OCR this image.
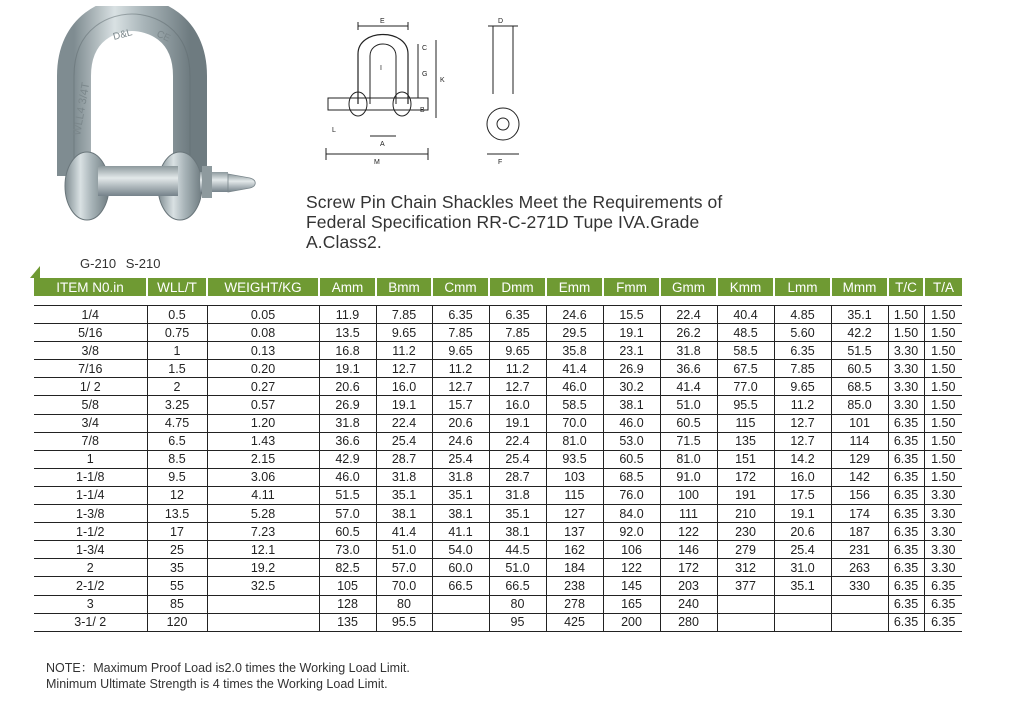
WLL4 3/4T
D&L CE
E
C
G
I
K
L
A
B
M
D
F
Screw Pin Chain Shackles Meet the Requirements of
Federal Specification RR-C-271D Tupe IVA.Grade
A.Class2.
G-210 S-210
ITEM N0.in	WLL/T	WEIGHT/KG	Amm	Bmm	Cmm	Dmm	Emm	Fmm	Gmm	Kmm	Lmm	Mmm	T/C	T/A

1/4	0.5	0.05	11.9	7.85	6.35	6.35	24.6	15.5	22.4	40.4	4.85	35.1	1.50	1.50
5/16	0.75	0.08	13.5	9.65	7.85	7.85	29.5	19.1	26.2	48.5	5.60	42.2	1.50	1.50
3/8	1	0.13	16.8	11.2	9.65	9.65	35.8	23.1	31.8	58.5	6.35	51.5	3.30	1.50
7/16	1.5	0.20	19.1	12.7	11.2	11.2	41.4	26.9	36.6	67.5	7.85	60.5	3.30	1.50
1/ 2	2	0.27	20.6	16.0	12.7	12.7	46.0	30.2	41.4	77.0	9.65	68.5	3.30	1.50
5/8	3.25	0.57	26.9	19.1	15.7	16.0	58.5	38.1	51.0	95.5	11.2	85.0	3.30	1.50
3/4	4.75	1.20	31.8	22.4	20.6	19.1	70.0	46.0	60.5	115	12.7	101	6.35	1.50
7/8	6.5	1.43	36.6	25.4	24.6	22.4	81.0	53.0	71.5	135	12.7	114	6.35	1.50
1	8.5	2.15	42.9	28.7	25.4	25.4	93.5	60.5	81.0	151	14.2	129	6.35	1.50
1-1/8	9.5	3.06	46.0	31.8	31.8	28.7	103	68.5	91.0	172	16.0	142	6.35	1.50
1-1/4	12	4.11	51.5	35.1	35.1	31.8	115	76.0	100	191	17.5	156	6.35	3.30
1-3/8	13.5	5.28	57.0	38.1	38.1	35.1	127	84.0	111	210	19.1	174	6.35	3.30
1-1/2	17	7.23	60.5	41.4	41.1	38.1	137	92.0	122	230	20.6	187	6.35	3.30
1-3/4	25	12.1	73.0	51.0	54.0	44.5	162	106	146	279	25.4	231	6.35	3.30
2	35	19.2	82.5	57.0	60.0	51.0	184	122	172	312	31.0	263	6.35	3.30
2-1/2	55	32.5	105	70.0	66.5	66.5	238	145	203	377	35.1	330	6.35	6.35
3	85		128	80		80	278	165	240				6.35	6.35
3-1/ 2	120		135	95.5		95	425	200	280				6.35	6.35
NOTE：Maximum Proof Load is2.0 times the Working Load Limit.
Minimum Ultimate Strength is 4 times the Working Load Limit.
